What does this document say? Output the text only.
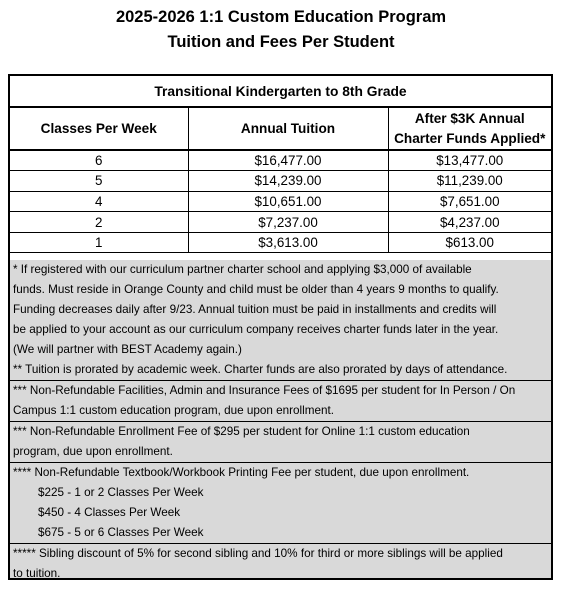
2025-2026 1:1 Custom Education Program
Tuition and Fees Per Student
Transitional Kindergarten to 8th Grade
Classes Per Week	Annual Tuition	After $3K Annual
Charter Funds Applied*
6	$16,477.00	$13,477.00
5	$14,239.00	$11,239.00
4	$10,651.00	$7,651.00
2	$7,237.00	$4,237.00
1	$3,613.00	$613.00
* If registered with our curriculum partner charter school and applying $3,000 of available
funds. Must reside in Orange County and child must be older than 4 years 9 months to qualify.
Funding decreases daily after 9/23. Annual tuition must be paid in installments and credits will
be applied to your account as our curriculum company receives charter funds later in the year.
(We will partner with BEST Academy again.)
** Tuition is prorated by academic week. Charter funds are also prorated by days of attendance.
*** Non-Refundable Facilities, Admin and Insurance Fees of $1695 per student for In Person / On
Campus 1:1 custom education program, due upon enrollment.
*** Non-Refundable Enrollment Fee of $295 per student for Online 1:1 custom education
program, due upon enrollment.
**** Non-Refundable Textbook/Workbook Printing Fee per student, due upon enrollment.
$225 - 1 or 2 Classes Per Week
$450 - 4 Classes Per Week
$675 - 5 or 6 Classes Per Week
***** Sibling discount of 5% for second sibling and 10% for third or more siblings will be applied
to tuition.
